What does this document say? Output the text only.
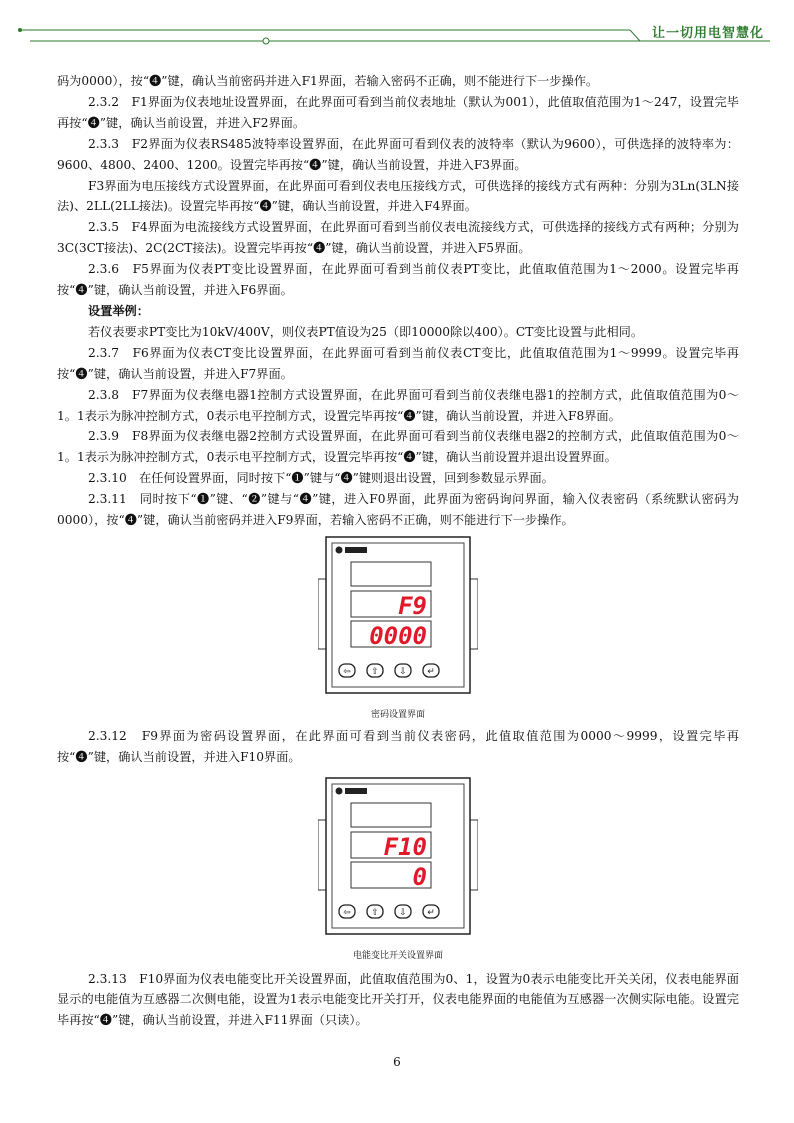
让一切用电智慧化

码为0000），按“❹”键，确认当前密码并进入F1界面，若输入密码不正确，则不能进行下一步操作。

2.3.2　F1界面为仪表地址设置界面，在此界面可看到当前仪表地址（默认为001），此值取值范围为1～247，设置完毕再按“❹”键，确认当前设置，并进入F2界面。

2.3.3　F2界面为仪表RS485波特率设置界面，在此界面可看到仪表的波特率（默认为9600），可供选择的波特率为：9600、4800、2400、1200。设置完毕再按“❹”键，确认当前设置，并进入F3界面。

F3界面为电压接线方式设置界面，在此界面可看到仪表电压接线方式，可供选择的接线方式有两种：分别为3Ln(3LN接法)、2LL(2LL接法)。设置完毕再按“❹”键，确认当前设置，并进入F4界面。

2.3.5　F4界面为电流接线方式设置界面，在此界面可看到当前仪表电流接线方式，可供选择的接线方式有两种；分别为3C(3CT接法)、2C(2CT接法)。设置完毕再按“❹”键，确认当前设置，并进入F5界面。

2.3.6　F5界面为仪表PT变比设置界面，在此界面可看到当前仪表PT变比，此值取值范围为1～2000。设置完毕再按“❹”键，确认当前设置，并进入F6界面。

设置举例：

若仪表要求PT变比为10kV/400V，则仪表PT值设为25（即10000除以400）。CT变比设置与此相同。

2.3.7　F6界面为仪表CT变比设置界面，在此界面可看到当前仪表CT变比，此值取值范围为1～9999。设置完毕再按“❹”键，确认当前设置，并进入F7界面。

2.3.8　F7界面为仪表继电器1控制方式设置界面，在此界面可看到当前仪表继电器1的控制方式，此值取值范围为0～1。1表示为脉冲控制方式，0表示电平控制方式，设置完毕再按“❹”键，确认当前设置，并进入F8界面。

2.3.9　F8界面为仪表继电器2控制方式设置界面，在此界面可看到当前仪表继电器2的控制方式，此值取值范围为0～1。1表示为脉冲控制方式，0表示电平控制方式，设置完毕再按“❹”键，确认当前设置并退出设置界面。

2.3.10　在任何设置界面，同时按下“❶”键与“❹”键则退出设置，回到参数显示界面。

2.3.11　同时按下“❶”键、“❷”键与“❹”键，进入F0界面，此界面为密码询问界面，输入仪表密码（系统默认密码为0000），按“❹”键，确认当前密码并进入F9界面，若输入密码不正确，则不能进行下一步操作。

F9
0000
⇦ ⇧ ⇩ ↵
密码设置界面

2.3.12　F9界面为密码设置界面，在此界面可看到当前仪表密码，此值取值范围为0000～9999，设置完毕再按“❹”键，确认当前设置，并进入F10界面。

F10
0
⇦ ⇧ ⇩ ↵
电能变比开关设置界面

2.3.13　F10界面为仪表电能变比开关设置界面，此值取值范围为0、1，设置为0表示电能变比开关关闭，仪表电能界面显示的电能值为互感器二次侧电能，设置为1表示电能变比开关打开，仪表电能界面的电能值为互感器一次侧实际电能。设置完毕再按“❹”键，确认当前设置，并进入F11界面（只读）。

6
